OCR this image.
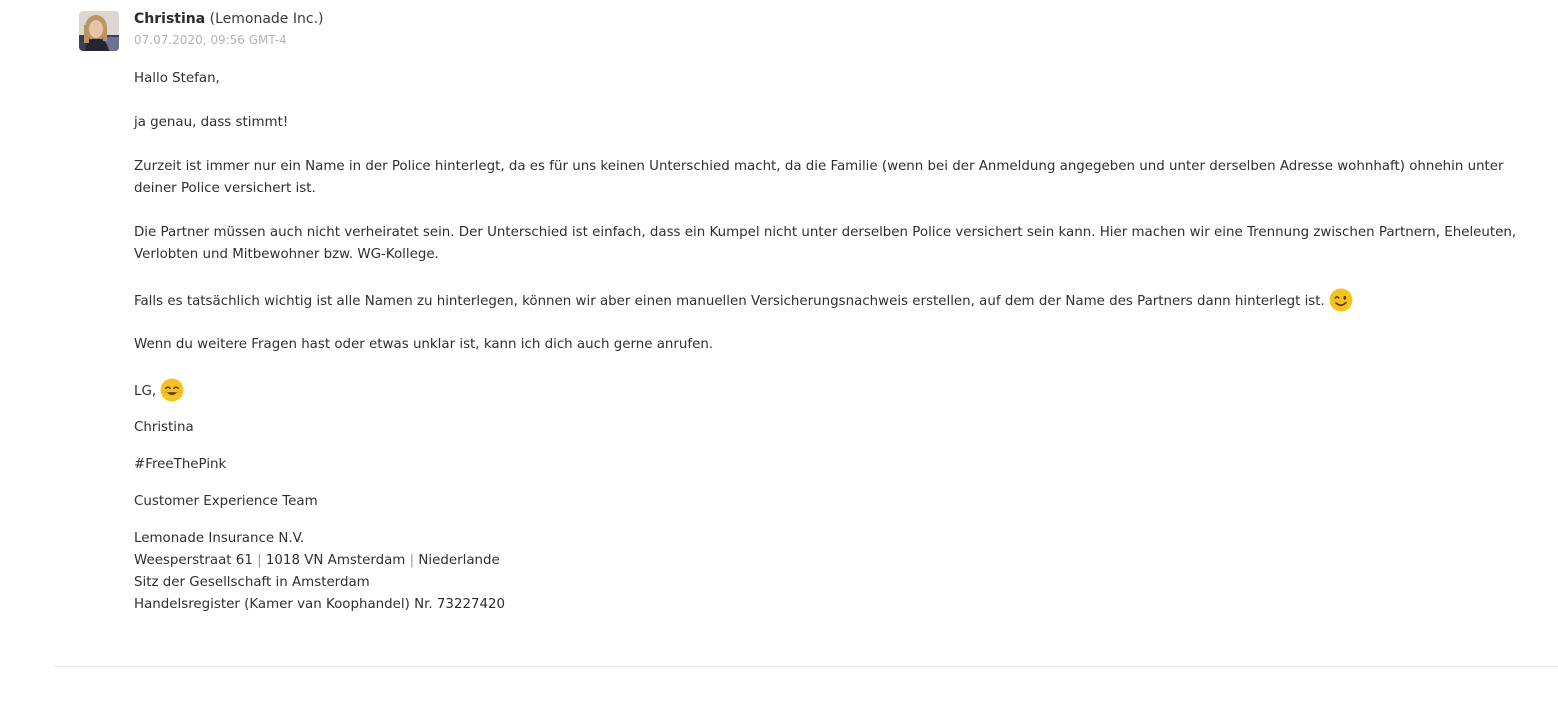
Christina (Lemonade Inc.)
07.07.2020, 09:56 GMT-4
Hallo Stefan,
ja genau, dass stimmt!
Zurzeit ist immer nur ein Name in der Police hinterlegt, da es für uns keinen Unterschied macht, da die Familie (wenn bei der Anmeldung angegeben und unter derselben Adresse wohnhaft) ohnehin unter
deiner Police versichert ist.
Die Partner müssen auch nicht verheiratet sein. Der Unterschied ist einfach, dass ein Kumpel nicht unter derselben Police versichert sein kann. Hier machen wir eine Trennung zwischen Partnern, Eheleuten,
Verlobten und Mitbewohner bzw. WG-Kollege.
Falls es tatsächlich wichtig ist alle Namen zu hinterlegen, können wir aber einen manuellen Versicherungsnachweis erstellen, auf dem der Name des Partners dann hinterlegt ist.
Wenn du weitere Fragen hast oder etwas unklar ist, kann ich dich auch gerne anrufen.
LG,
Christina
#FreeThePink
Customer Experience Team
Lemonade Insurance N.V.
Weesperstraat 61 | 1018 VN Amsterdam | Niederlande
Sitz der Gesellschaft in Amsterdam
Handelsregister (Kamer van Koophandel) Nr. 73227420
